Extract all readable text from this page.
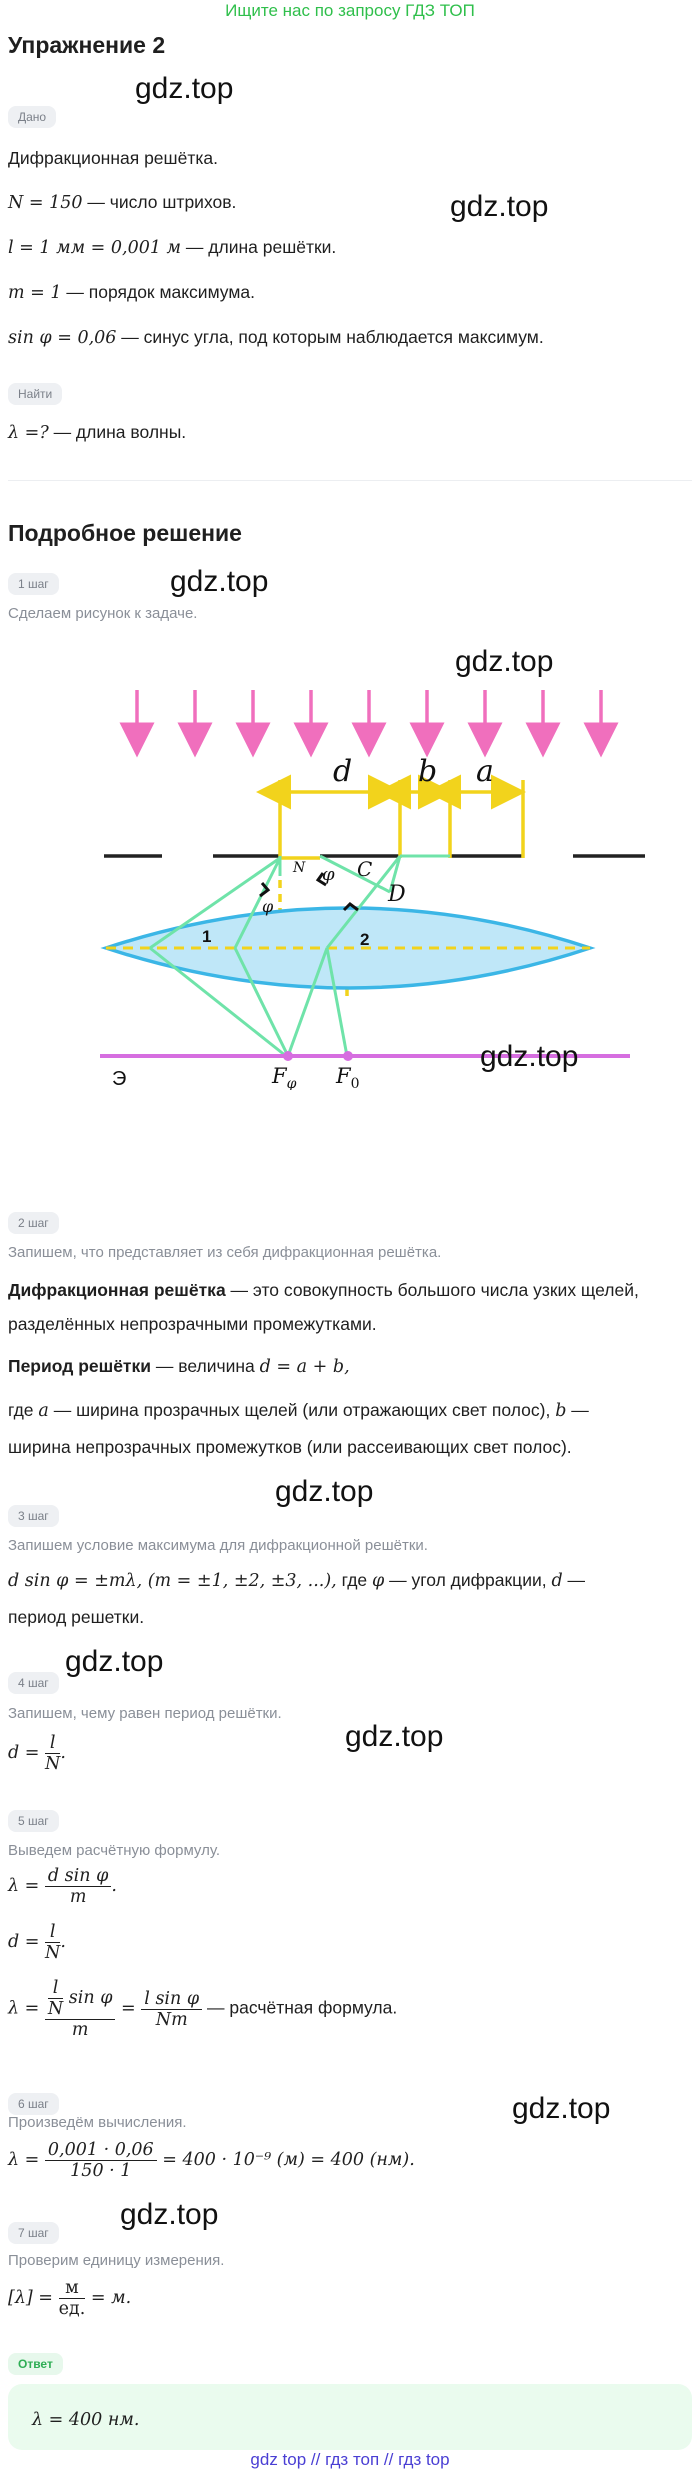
Ищите нас по запросу ГДЗ ТОП
Упражнение 2
Дано
gdz.top
Дифракционная решётка.
N = 150 — число штрихов.	gdz.top
l = 1 мм = 0,001 м — длина решётки.
m = 1 — порядок максимума.
sin φ = 0,06 — синус угла, под которым наблюдается максимум.
Найти
λ =? — длина волны.
Подробное решение
1 шаг	gdz.top
Сделаем рисунок к задаче.
gdz.top
d b a
φ
φ
C
D
N
1	2
Э	$F_\varphi$ $F_0$
gdz.top
2 шаг
Запишем, что представляет из себя дифракционная решётка.
Дифракционная решётка — это совокупность большого числа узких щелей,
разделённых непрозрачными промежутками.
Период решётки — величина d = a + b,
где a — ширина прозрачных щелей (или отражающих свет полос), b —
ширина непрозрачных промежутков (или рассеивающих свет полос).
gdz.top
3 шаг
Запишем условие максимума для дифракционной решётки.
d sin φ = ±mλ, (m = ±1, ±2, ±3, ...), где φ — угол дифракции, d —
период решетки.
gdz.top
4 шаг
gdz.top
Запишем, чему равен период решётки.
$d = \frac{l}{N}$ .
5 шаг
Выведем расчётную формулу.
$\lambda = \frac{\text{d sin φ}}{m}$ .
$d = \frac{l}{N}$ .
$\lambda = \frac{\frac{l}{N} \sin \varphi}{m} = \frac{\text{l sin φ}}{Nm}$ — расчётная формула.
gdz.top
6 шаг
Произведём вычисления.
$\lambda = \frac{0,001 \cdot 0,06}{150 \cdot 1} = 400 \cdot 10^{-9}$ (м) = 400 (нм).
7 шаг
gdz.top
Проверим единицу измерения.
$[\lambda] = \frac{м}{ед.} = м$.
Ответ
λ = 400 нм.
gdz top // гдз топ // гдз top
